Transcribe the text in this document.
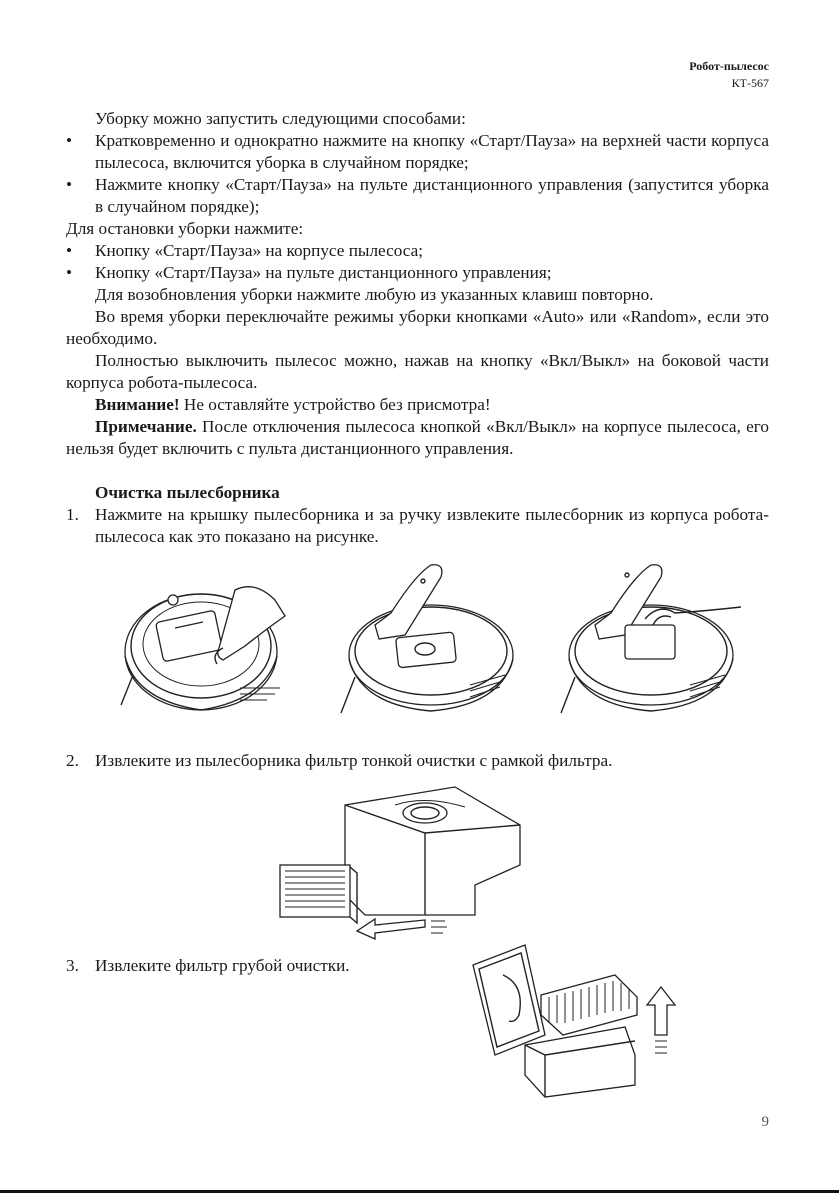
Робот-пылесос
КТ-567
Уборку можно запустить следующими способами:
• Кратковременно и однократно нажмите на кнопку «Старт/Пауза» на верхней части корпуса пылесоса, включится уборка в случайном порядке;
• Нажмите кнопку «Старт/Пауза» на пульте дистанционного управления (запустится уборка в случайном порядке);
Для остановки уборки нажмите:
• Кнопку «Старт/Пауза» на корпусе пылесоса;
• Кнопку «Старт/Пауза» на пульте дистанционного управления;
Для возобновления уборки нажмите любую из указанных клавиш повторно.
Во время уборки переключайте режимы уборки кнопками «Auto» или «Random», если это необходимо.
Полностью выключить пылесос можно, нажав на кнопку «Вкл/Выкл» на боковой части корпуса робота-пылесоса.
Внимание! Не оставляйте устройство без присмотра!
Примечание. После отключения пылесоса кнопкой «Вкл/Выкл» на корпусе пылесоса, его нельзя будет включить с пульта дистанционного управления.
Очистка пылесборника
1. Нажмите на крышку пылесборника и за ручку извлеките пылесборник из корпуса робота-пылесоса как это показано на рисунке.
2. Извлеките из пылесборника фильтр тонкой очистки с рамкой фильтра.
3. Извлеките фильтр грубой очистки.
9
